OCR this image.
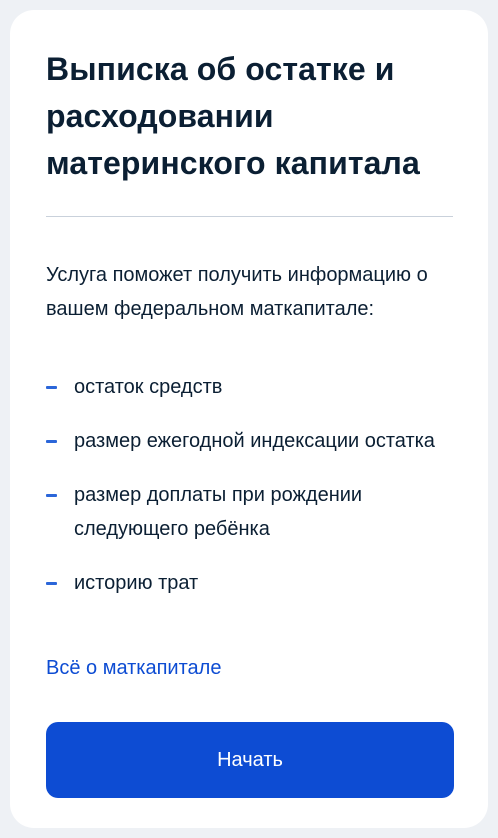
Выписка об остатке и расходовании материнского капитала

Услуга поможет получить информацию о вашем федеральном маткапитале:

остаток средств
размер ежегодной индексации остатка
размер доплаты при рождении следующего ребёнка
историю трат
Всё о маткапитале
Начать
